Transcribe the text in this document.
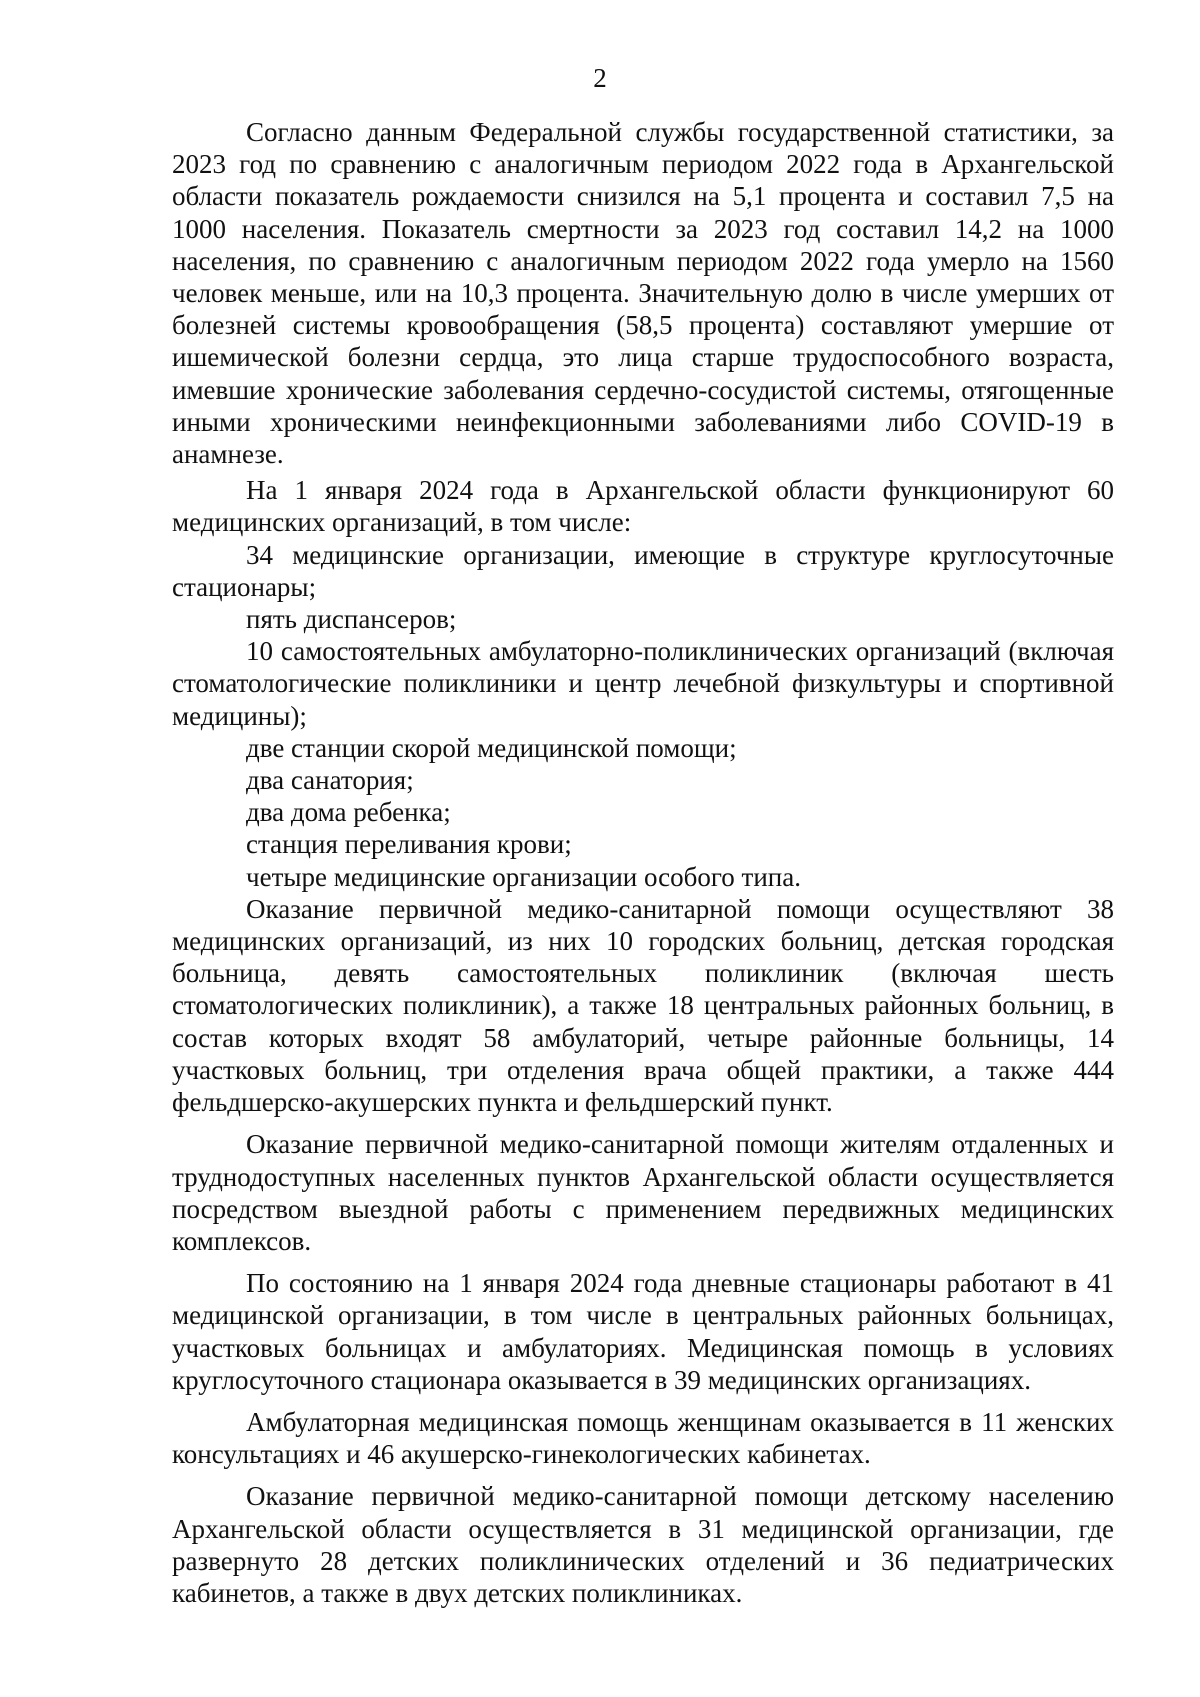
2

Согласно данным Федеральной службы государственной статистики, за 2023 год по сравнению с аналогичным периодом 2022 года в Архангельской области показатель рождаемости снизился на 5,1 процента и составил 7,5 на 1000 населения. Показатель смертности за 2023 год составил 14,2 на 1000 населения, по сравнению с аналогичным периодом 2022 года умерло на 1560 человек меньше, или на 10,3 процента. Значительную долю в числе умерших от болезней системы кровообращения (58,5 процента) составляют умершие от ишемической болезни сердца, это лица старше трудоспособного возраста, имевшие хронические заболевания сердечно-сосудистой системы, отягощенные иными хроническими неинфекционными заболеваниями либо COVID-19 в анамнезе.

На 1 января 2024 года в Архангельской области функционируют 60 медицинских организаций, в том числе:

34 медицинские организации, имеющие в структуре круглосуточные стационары;

пять диспансеров;

10 самостоятельных амбулаторно-поликлинических организаций (включая стоматологические поликлиники и центр лечебной физкультуры и спортивной медицины);

две станции скорой медицинской помощи;

два санатория;

два дома ребенка;

станция переливания крови;

четыре медицинские организации особого типа.

Оказание первичной медико-санитарной помощи осуществляют 38 медицинских организаций, из них 10 городских больниц, детская городская больница, девять самостоятельных поликлиник (включая шесть стоматологических поликлиник), а также 18 центральных районных больниц, в состав которых входят 58 амбулаторий, четыре районные больницы, 14 участковых больниц, три отделения врача общей практики, а также 444 фельдшерско-акушерских пункта и фельдшерский пункт.

Оказание первичной медико-санитарной помощи жителям отдаленных и труднодоступных населенных пунктов Архангельской области осуществляется посредством выездной работы с применением передвижных медицинских комплексов.

По состоянию на 1 января 2024 года дневные стационары работают в 41 медицинской организации, в том числе в центральных районных больницах, участковых больницах и амбулаториях. Медицинская помощь в условиях круглосуточного стационара оказывается в 39 медицинских организациях.

Амбулаторная медицинская помощь женщинам оказывается в 11 женских консультациях и 46 акушерско-гинекологических кабинетах.

Оказание первичной медико-санитарной помощи детскому населению Архангельской области осуществляется в 31 медицинской организации, где развернуто 28 детских поликлинических отделений и 36 педиатрических кабинетов, а также в двух детских поликлиниках.
